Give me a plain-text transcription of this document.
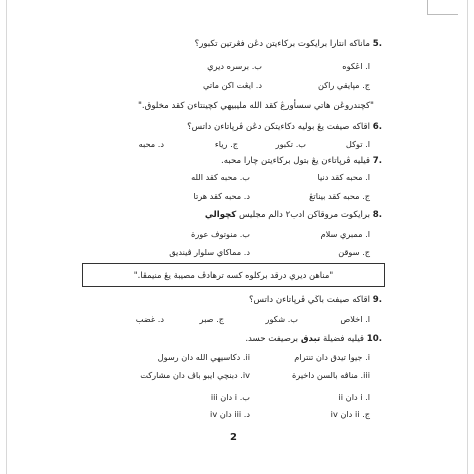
.5 ماناكه انتارا برايكوت بركاءيتن دڠن فڠرتين تكبور؟
ا. اڠكوه
ب. برسره ديري
ج. مڽايقي راكن
د. ايڠت اكن ماتي
"كچندروڠن هاتي سسأورڠ كقد الله مليبيهي كچينتاءن كقد مخلوق."
.6 اقاكه صيفت يڠ بوليه دكاءيتكن دڠن ڤرڽاتاءن د‌اتس؟
ا. توكل
ب. تكبور
ج. رياء
د. محبه
.7 قيليه ڤرڽاتاءن يڠ بتول بركاءيتن چارا محبه.
ا. محبه كقد دنيا
ب. محبه كقد الله
ج. محبه كقد بيناتڠ
د. محبه كقد هرتا
.8 برايكوت مروقاكن ادب٢ دالم مجليس كچوالي
ا. ممبري سلام
ب. منوتوف عورة
ج. سوقن
د. مماكاي سلوار ڤينديق
"مناهن ديري درقد برکلوه کسه ترهادڤ مصيبة يڠ منيمڤا."
.9 اقاكه صيفت باڬي ڤرڽاتاءن د‌اتس؟
ا. اخلاص
ب. شكور
ج. صبر
د. غضب
.10 قيليه فضيلة تبدق برصيفت حسد.
i. جيوا تيدق دان تنترام
ii. دكاسيهي الله دان رسول
iii. مناڤه بالسن داخيرة
iv. دبنچي ايبو باڤ دان مشاركت
ا. i دان ii
ب. i دان iii
ج. ii دان iv
د. iii دان iv
2
